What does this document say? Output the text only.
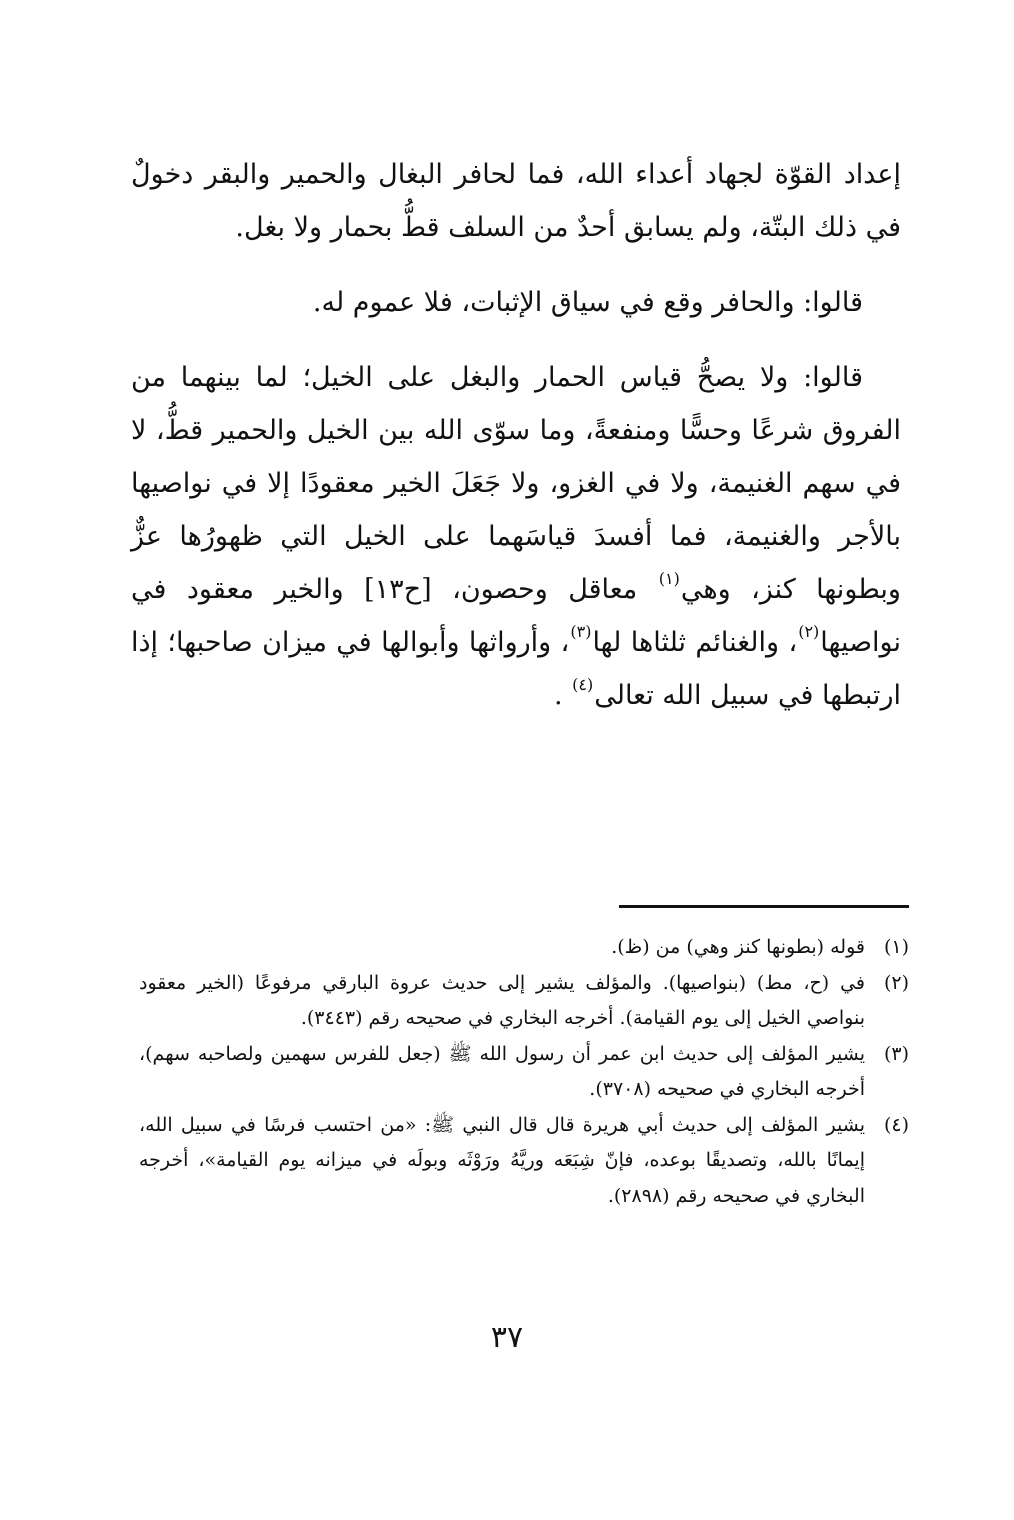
إعداد القوّة لجهاد أعداء الله، فما لحافر البغال والحمير والبقر دخولٌ في ذلك البتّة، ولم يسابق أحدٌ من السلف قطُّ بحمار ولا بغل.

قالوا: والحافر وقع في سياق الإثبات، فلا عموم له.

قالوا: ولا يصحُّ قياس الحمار والبغل على الخيل؛ لما بينهما من الفروق شرعًا وحسًّا ومنفعةً، وما سوّى الله بين الخيل والحمير قطُّ، لا في سهم الغنيمة، ولا في الغزو، ولا جَعَلَ الخير معقودًا إلا في نواصيها بالأجر والغنيمة، فما أفسدَ قياسَهما على الخيل التي ظهورُها عزٌّ وبطونها كنز، وهي$^{(١)}$ معاقل وحصون، [ح١٣] والخير معقود في نواصيها$^{(٢)}$، والغنائم ثلثاها لها$^{(٣)}$، وأرواثها وأبوالها في ميزان صاحبها؛ إذا ارتبطها في سبيل الله تعالى$^{(٤)}$ .

(١)
قوله (بطونها كنز وهي) من (ظ).
(٢)
في (ح، مط) (بنواصيها). والمؤلف يشير إلى حديث عروة البارقي مرفوعًا (الخير معقود بنواصي الخيل إلى يوم القيامة). أخرجه البخاري في صحيحه رقم (٣٤٤٣).
(٣)
يشير المؤلف إلى حديث ابن عمر أن رسول الله ﷺ (جعل للفرس سهمين ولصاحبه سهم)، أخرجه البخاري في صحيحه (٣٧٠٨).
(٤)
يشير المؤلف إلى حديث أبي هريرة قال قال النبي ﷺ: «من احتسب فرسًا في سبيل الله، إيمانًا بالله، وتصديقًا بوعده، فإنّ شِبَعَه وريَّهُ ورَوْثَه وبولَه في ميزانه يوم القيامة»، أخرجه البخاري في صحيحه رقم (٢٨٩٨).
٣٧
